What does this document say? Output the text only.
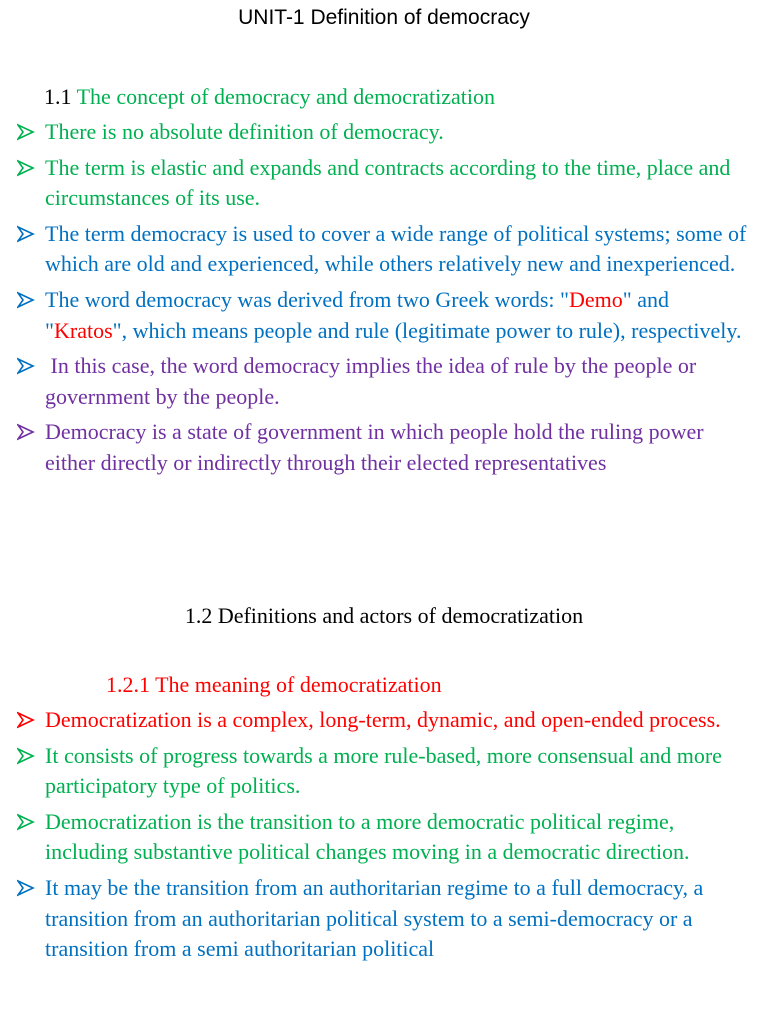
UNIT-1 Definition of democracy
1.1 The concept of democracy and democratization
There is no absolute definition of democracy.
The term is elastic and expands and contracts according to the time, place and circumstances of its use.
The term democracy is used to cover a wide range of political systems; some of which are old and experienced, while others relatively new and inexperienced.
The word democracy was derived from two Greek words: "Demo" and "Kratos", which means people and rule (legitimate power to rule), respectively.
In this case, the word democracy implies the idea of rule by the people or government by the people.
Democracy is a state of government in which people hold the ruling power either directly or indirectly through their elected representatives
1.2 Definitions and actors of democratization
1.2.1 The meaning of democratization
Democratization is a complex, long-term, dynamic, and open-ended process.
It consists of progress towards a more rule-based, more consensual and more participatory type of politics.
Democratization is the transition to a more democratic political regime, including substantive political changes moving in a democratic direction.
It may be the transition from an authoritarian regime to a full democracy, a transition from an authoritarian political system to a semi-democracy or a transition from a semi authoritarian political
